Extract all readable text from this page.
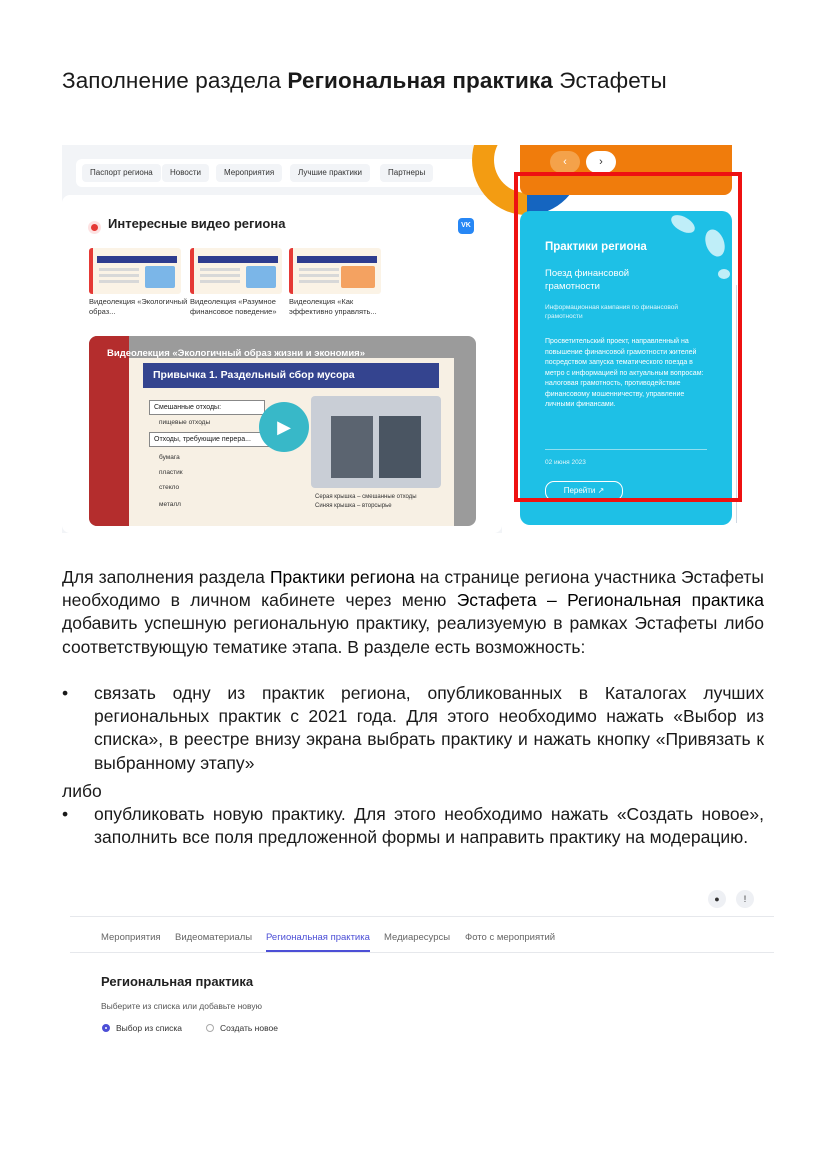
Заполнение раздела Региональная практика Эстафеты
Паспорт региона	Новости	Мероприятия	Лучшие практики	Партнеры
Интересные видео региона	VK
Видеолекция «Экологичный образ...
Видеолекция «Разумное финансовое поведение»
Видеолекция «Как эффективно управлять...
Видеолекция «Экологичный образ жизни и экономия»
Привычка 1. Раздельный сбор мусора
Смешанные отходы:
пищевые отходы
Отходы, требующие перера...
бумага
пластик
стекло
металл
▶
Серая крышка – смешанные отходы
Синяя крышка – вторсырье
‹	›
Практики региона
Поезд финансовой грамотности
Информационная кампания по финансовой грамотности
Просветительский проект, направленный на повышение финансовой грамотности жителей посредством запуска тематического поезда в метро с информацией по актуальным вопросам: налоговая грамотность, противодействие финансовому мошенничеству, управление личными финансами.
02 июня 2023
Перейти ↗
Для заполнения раздела Практики региона на странице региона участника Эстафеты необходимо в личном кабинете через меню Эстафета – Региональная практика добавить успешную региональную практику, реализуемую в рамках Эстафеты либо соответствующую тематике этапа. В разделе есть возможность:
• связать одну из практик региона, опубликованных в Каталогах лучших региональных практик с 2021 года. Для этого необходимо нажать «Выбор из списка», в реестре внизу экрана выбрать практику и нажать кнопку «Привязать к выбранному этапу»
либо
• опубликовать новую практику. Для этого необходимо нажать «Создать новое», заполнить все поля предложенной формы и направить практику на модерацию.
●	!
Мероприятия Видеоматериалы Региональная практика Медиаресурсы Фото с мероприятий
Региональная практика
Выберите из списка или добавьте новую
Выбор из списка	Создать новое
